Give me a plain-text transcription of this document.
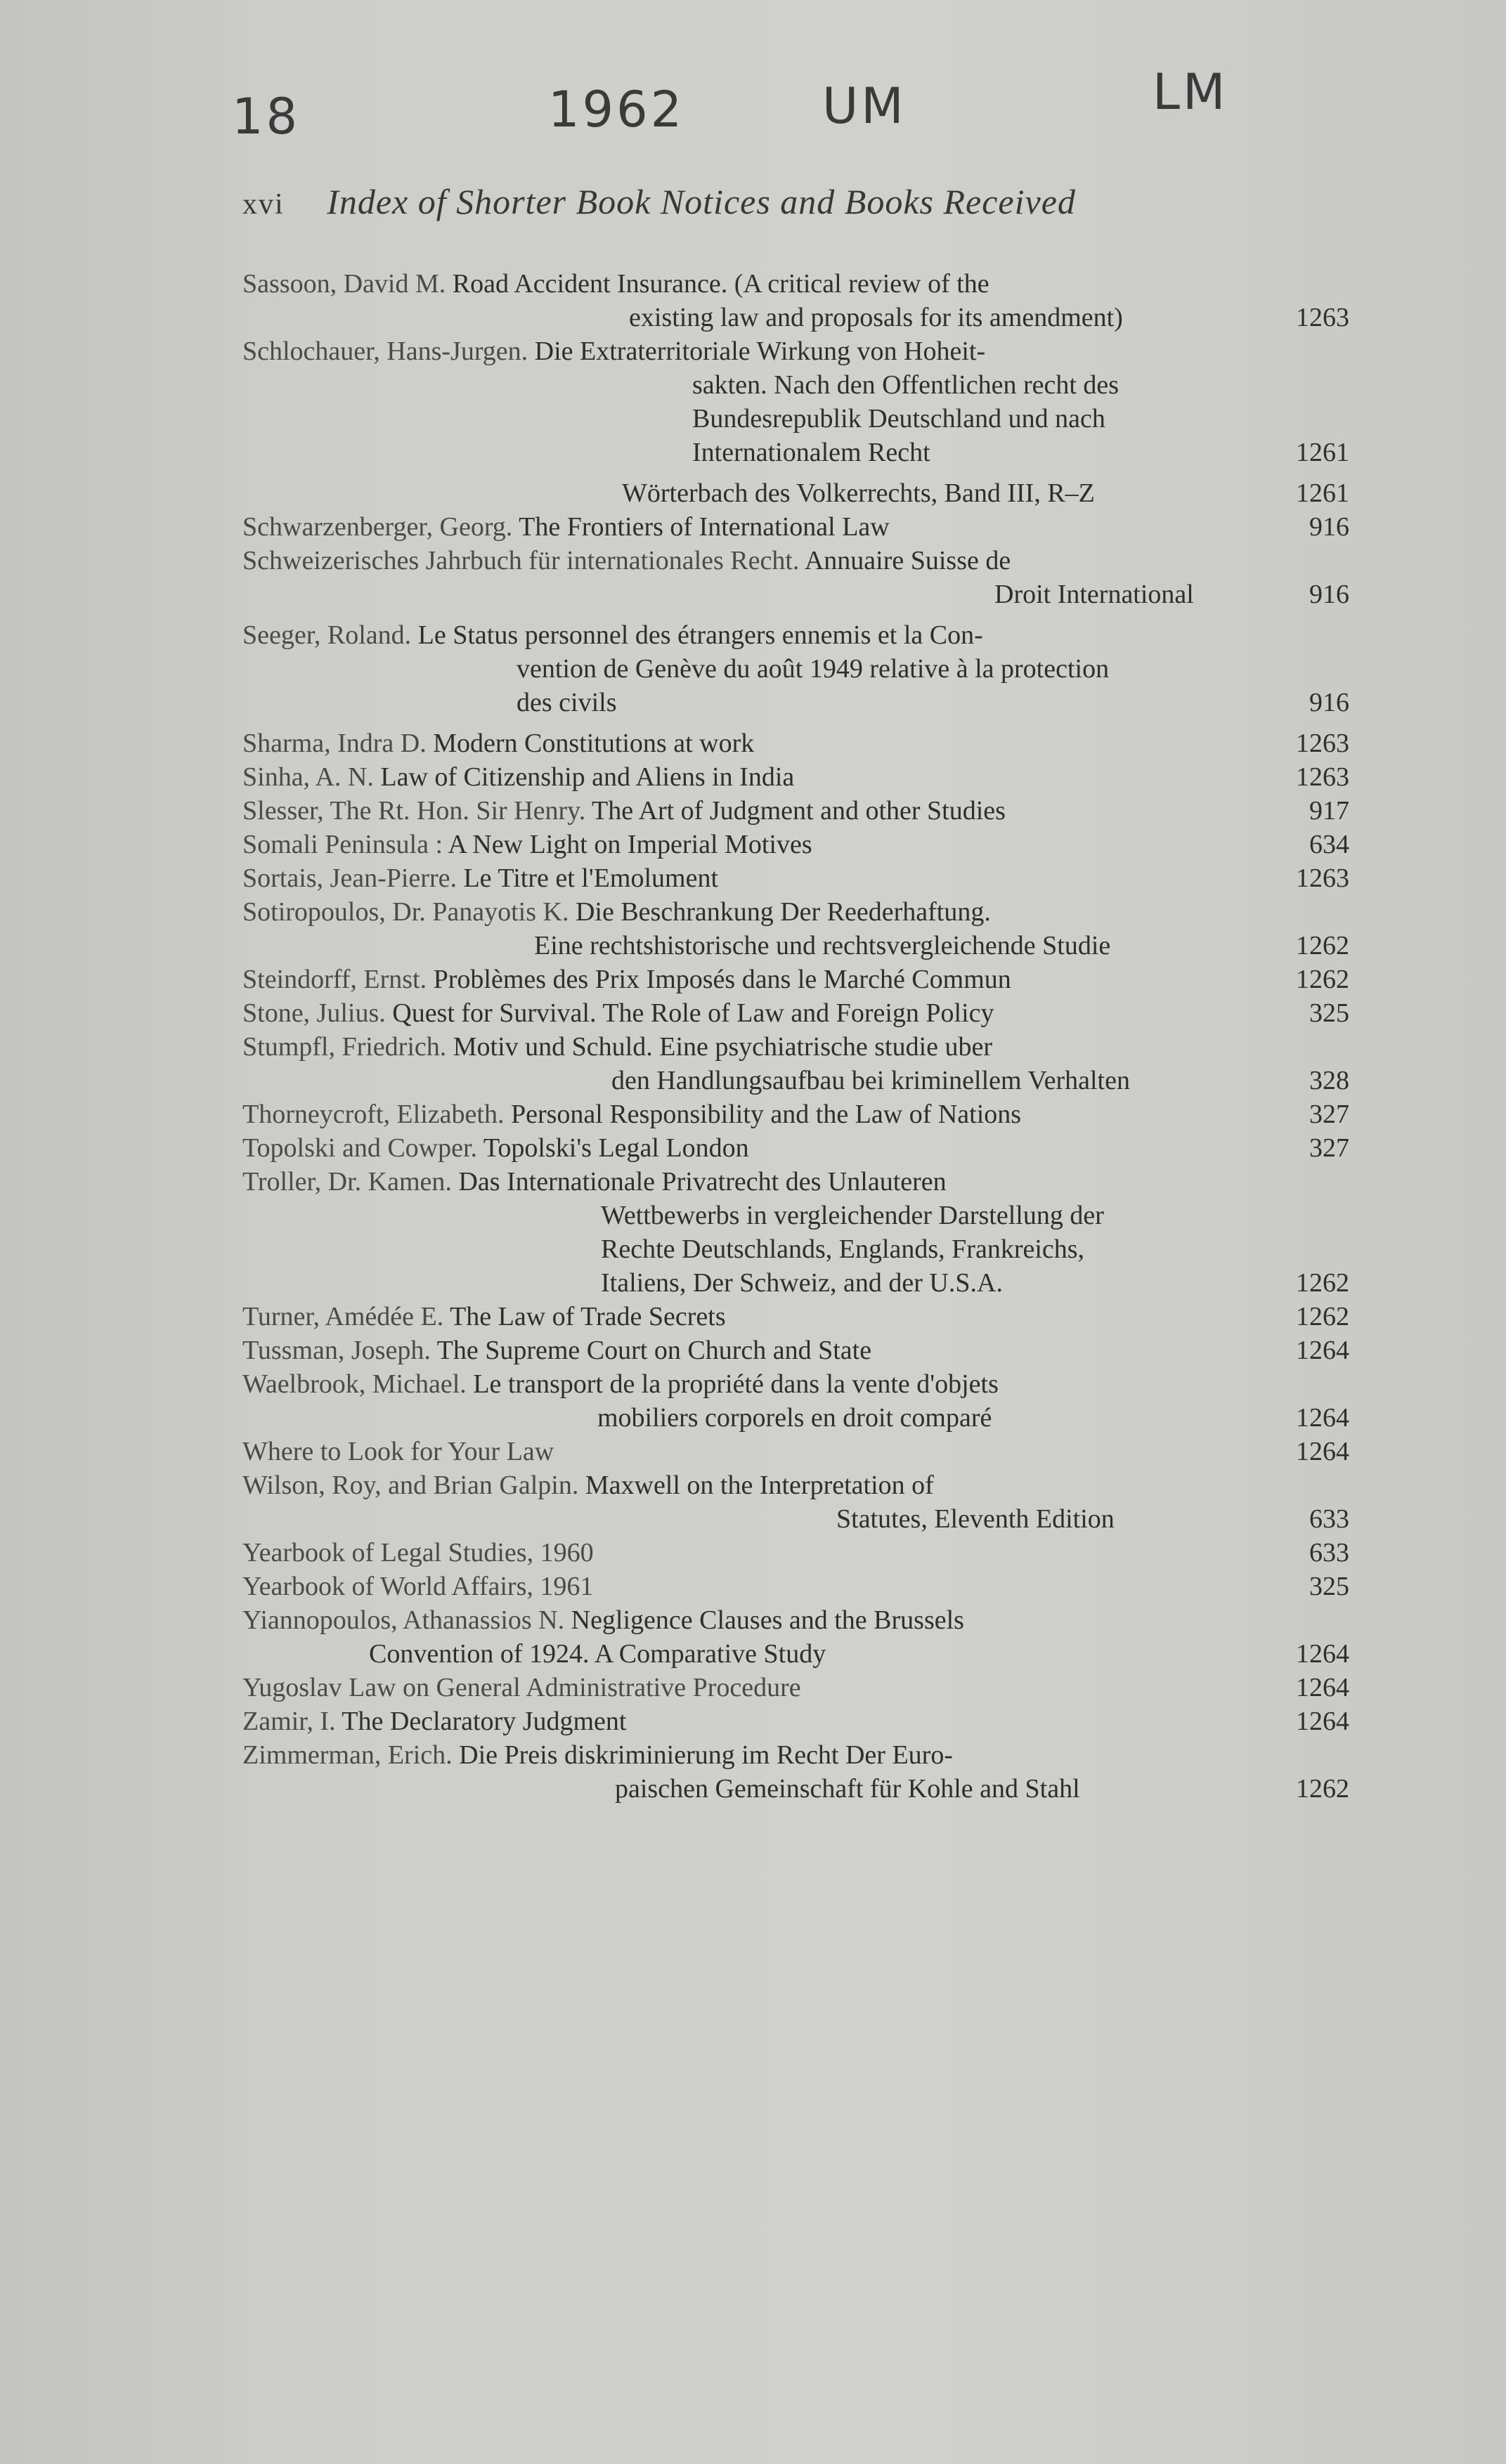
18	1962	UM	LM
xvi Index of Shorter Book Notices and Books Received
Sassoon, David M. Road Accident Insurance. (A critical review of the
existing law and proposals for its amendment)	1263
Schlochauer, Hans-Jurgen. Die Extraterritoriale Wirkung von Hoheit-
sakten. Nach den Offentlichen recht des
Bundesrepublik Deutschland und nach
Internationalem Recht	1261
Wörterbach des Volkerrechts, Band III, R–Z	1261
Schwarzenberger, Georg. The Frontiers of International Law	916
Schweizerisches Jahrbuch für internationales Recht. Annuaire Suisse de
Droit International	916
Seeger, Roland. Le Status personnel des étrangers ennemis et la Con-
vention de Genève du août 1949 relative à la protection
des civils	916
Sharma, Indra D. Modern Constitutions at work	1263
Sinha, A. N. Law of Citizenship and Aliens in India	1263
Slesser, The Rt. Hon. Sir Henry. The Art of Judgment and other Studies	917
Somali Peninsula : A New Light on Imperial Motives	634
Sortais, Jean-Pierre. Le Titre et l'Emolument	1263
Sotiropoulos, Dr. Panayotis K. Die Beschrankung Der Reederhaftung.
Eine rechtshistorische und rechtsvergleichende Studie	1262
Steindorff, Ernst. Problèmes des Prix Imposés dans le Marché Commun	1262
Stone, Julius. Quest for Survival. The Role of Law and Foreign Policy	325
Stumpfl, Friedrich. Motiv und Schuld. Eine psychiatrische studie uber
den Handlungsaufbau bei kriminellem Verhalten	328
Thorneycroft, Elizabeth. Personal Responsibility and the Law of Nations	327
Topolski and Cowper. Topolski's Legal London	327
Troller, Dr. Kamen. Das Internationale Privatrecht des Unlauteren
Wettbewerbs in vergleichender Darstellung der
Rechte Deutschlands, Englands, Frankreichs,
Italiens, Der Schweiz, and der U.S.A.	1262
Turner, Amédée E. The Law of Trade Secrets	1262
Tussman, Joseph. The Supreme Court on Church and State	1264
Waelbrook, Michael. Le transport de la propriété dans la vente d'objets
mobiliers corporels en droit comparé	1264
Where to Look for Your Law	1264
Wilson, Roy, and Brian Galpin. Maxwell on the Interpretation of
Statutes, Eleventh Edition	633
Yearbook of Legal Studies, 1960	633
Yearbook of World Affairs, 1961	325
Yiannopoulos, Athanassios N. Negligence Clauses and the Brussels
Convention of 1924. A Comparative Study	1264
Yugoslav Law on General Administrative Procedure	1264
Zamir, I. The Declaratory Judgment	1264
Zimmerman, Erich. Die Preis diskriminierung im Recht Der Euro-
paischen Gemeinschaft für Kohle and Stahl	1262
